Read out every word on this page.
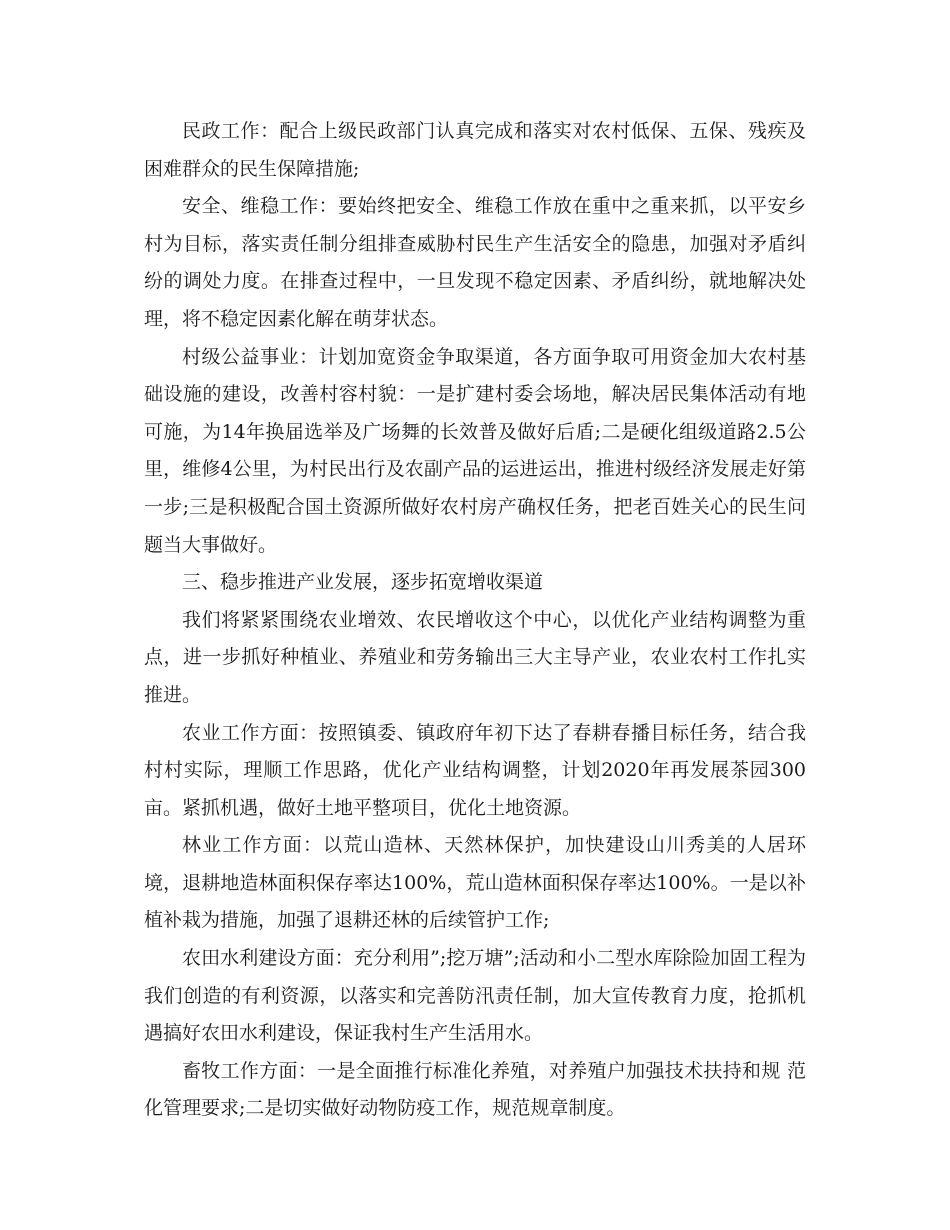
民政工作：配合上级民政部门认真完成和落实对农村低保、五保、残疾及困难群众的民生保障措施;

安全、维稳工作：要始终把安全、维稳工作放在重中之重来抓，以平安乡村为目标，落实责任制分组排查威胁村民生产生活安全的隐患，加强对矛盾纠纷的调处力度。在排查过程中，一旦发现不稳定因素、矛盾纠纷，就地解决处理，将不稳定因素化解在萌芽状态。

村级公益事业：计划加宽资金争取渠道，各方面争取可用资金加大农村基础设施的建设，改善村容村貌：一是扩建村委会场地，解决居民集体活动有地可施，为14年换届选举及广场舞的长效普及做好后盾;二是硬化组级道路2.5公里，维修4公里，为村民出行及农副产品的运进运出，推进村级经济发展走好第一步;三是积极配合国土资源所做好农村房产确权任务，把老百姓关心的民生问题当大事做好。

三、稳步推进产业发展，逐步拓宽增收渠道

我们将紧紧围绕农业增效、农民增收这个中心，以优化产业结构调整为重点，进一步抓好种植业、养殖业和劳务输出三大主导产业，农业农村工作扎实推进。

农业工作方面：按照镇委、镇政府年初下达了春耕春播目标任务，结合我村村实际，理顺工作思路，优化产业结构调整，计划2020年再发展茶园300亩。紧抓机遇，做好土地平整项目，优化土地资源。

林业工作方面：以荒山造林、天然林保护，加快建设山川秀美的人居环境，退耕地造林面积保存率达100%，荒山造林面积保存率达100%。一是以补植补栽为措施，加强了退耕还林的后续管护工作;

农田水利建设方面：充分利用”;挖万塘”;活动和小二型水库除险加固工程为我们创造的有利资源，以落实和完善防汛责任制，加大宣传教育力度，抢抓机遇搞好农田水利建设，保证我村生产生活用水。

畜牧工作方面：一是全面推行标准化养殖，对养殖户加强技术扶持和规 范化管理要求;二是切实做好动物防疫工作，规范规章制度。
